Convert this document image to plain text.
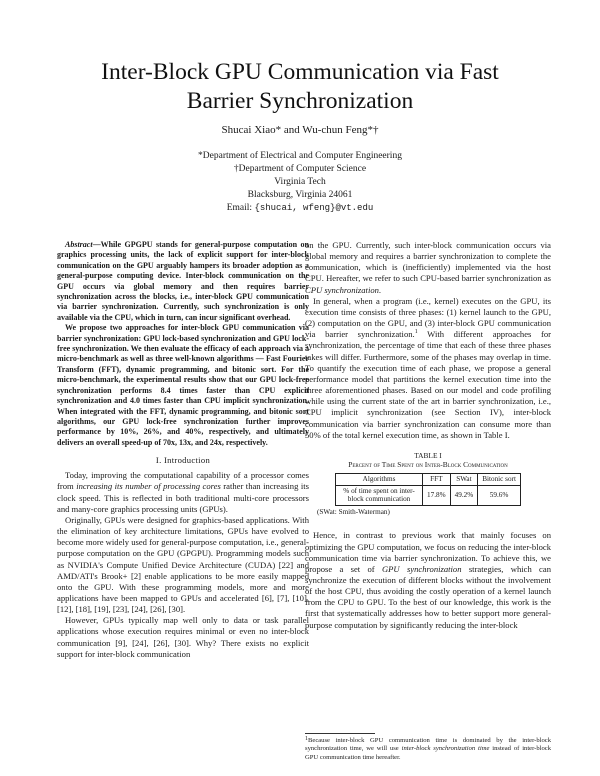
Inter-Block GPU Communication via Fast
Barrier Synchronization
Shucai Xiao* and Wu-chun Feng*†
*Department of Electrical and Computer Engineering
†Department of Computer Science
Virginia Tech
Blacksburg, Virginia 24061
Email: {shucai, wfeng}@vt.edu

Abstract—While GPGPU stands for general-purpose computation on graphics processing units, the lack of explicit support for inter-block communication on the GPU arguably hampers its broader adoption as a general-purpose computing device. Inter-block communication on the GPU occurs via global memory and then requires barrier synchronization across the blocks, i.e., inter-block GPU communication via barrier synchronization. Currently, such synchronization is only available via the CPU, which in turn, can incur significant overhead.

We propose two approaches for inter-block GPU communication via barrier synchronization: GPU lock-based synchronization and GPU lock-free synchronization. We then evaluate the efficacy of each approach via a micro-benchmark as well as three well-known algorithms — Fast Fourier Transform (FFT), dynamic programming, and bitonic sort. For the micro-benchmark, the experimental results show that our GPU lock-free synchronization performs 8.4 times faster than CPU explicit synchronization and 4.0 times faster than CPU implicit synchronization. When integrated with the FFT, dynamic programming, and bitonic sort algorithms, our GPU lock-free synchronization further improves performance by 10%, 26%, and 40%, respectively, and ultimately delivers an overall speed-up of 70x, 13x, and 24x, respectively.

I. Introduction

Today, improving the computational capability of a processor comes from increasing its number of processing cores rather than increasing its clock speed. This is reflected in both traditional multi-core processors and many-core graphics processing units (GPUs).

Originally, GPUs were designed for graphics-based applications. With the elimination of key architecture limitations, GPUs have evolved to become more widely used for general-purpose computation, i.e., general-purpose computation on the GPU (GPGPU). Programming models such as NVIDIA's Compute Unified Device Architecture (CUDA) [22] and AMD/ATI's Brook+ [2] enable applications to be more easily mapped onto the GPU. With these programming models, more and more applications have been mapped to GPUs and accelerated [6], [7], [10], [12], [18], [19], [23], [24], [26], [30].

However, GPUs typically map well only to data or task parallel applications whose execution requires minimal or even no inter-block communication [9], [24], [26], [30]. Why? There exists no explicit support for inter-block communication

on the GPU. Currently, such inter-block communication occurs via global memory and requires a barrier synchronization to complete the communication, which is (inefficiently) implemented via the host CPU. Hereafter, we refer to such CPU-based barrier synchronization as CPU synchronization.

In general, when a program (i.e., kernel) executes on the GPU, its execution time consists of three phases: (1) kernel launch to the GPU, (2) computation on the GPU, and (3) inter-block GPU communication via barrier synchronization.$^1$ With different approaches for synchronization, the percentage of time that each of these three phases takes will differ. Furthermore, some of the phases may overlap in time. To quantify the execution time of each phase, we propose a general performance model that partitions the kernel execution time into the three aforementioned phases. Based on our model and code profiling while using the current state of the art in barrier synchronization, i.e., CPU implicit synchronization (see Section IV), inter-block communication via barrier synchronization can consume more than 50% of the total kernel execution time, as shown in Table I.

TABLE I
Percent of Time Spent on Inter-Block Communication
Algorithms	FFT	SWat	Bitonic sort
% of time spent on inter-block communication	17.8%	49.2%	59.6%
(SWat: Smith-Waterman)

Hence, in contrast to previous work that mainly focuses on optimizing the GPU computation, we focus on reducing the inter-block communication time via barrier synchronization. To achieve this, we propose a set of GPU synchronization strategies, which can synchronize the execution of different blocks without the involvement of the host CPU, thus avoiding the costly operation of a kernel launch from the CPU to GPU. To the best of our knowledge, this work is the first that systematically addresses how to better support more general-purpose computation by significantly reducing the inter-block

$^1$Because inter-block GPU communication time is dominated by the inter-block synchronization time, we will use inter-block synchronization time instead of inter-block GPU communication time hereafter.
